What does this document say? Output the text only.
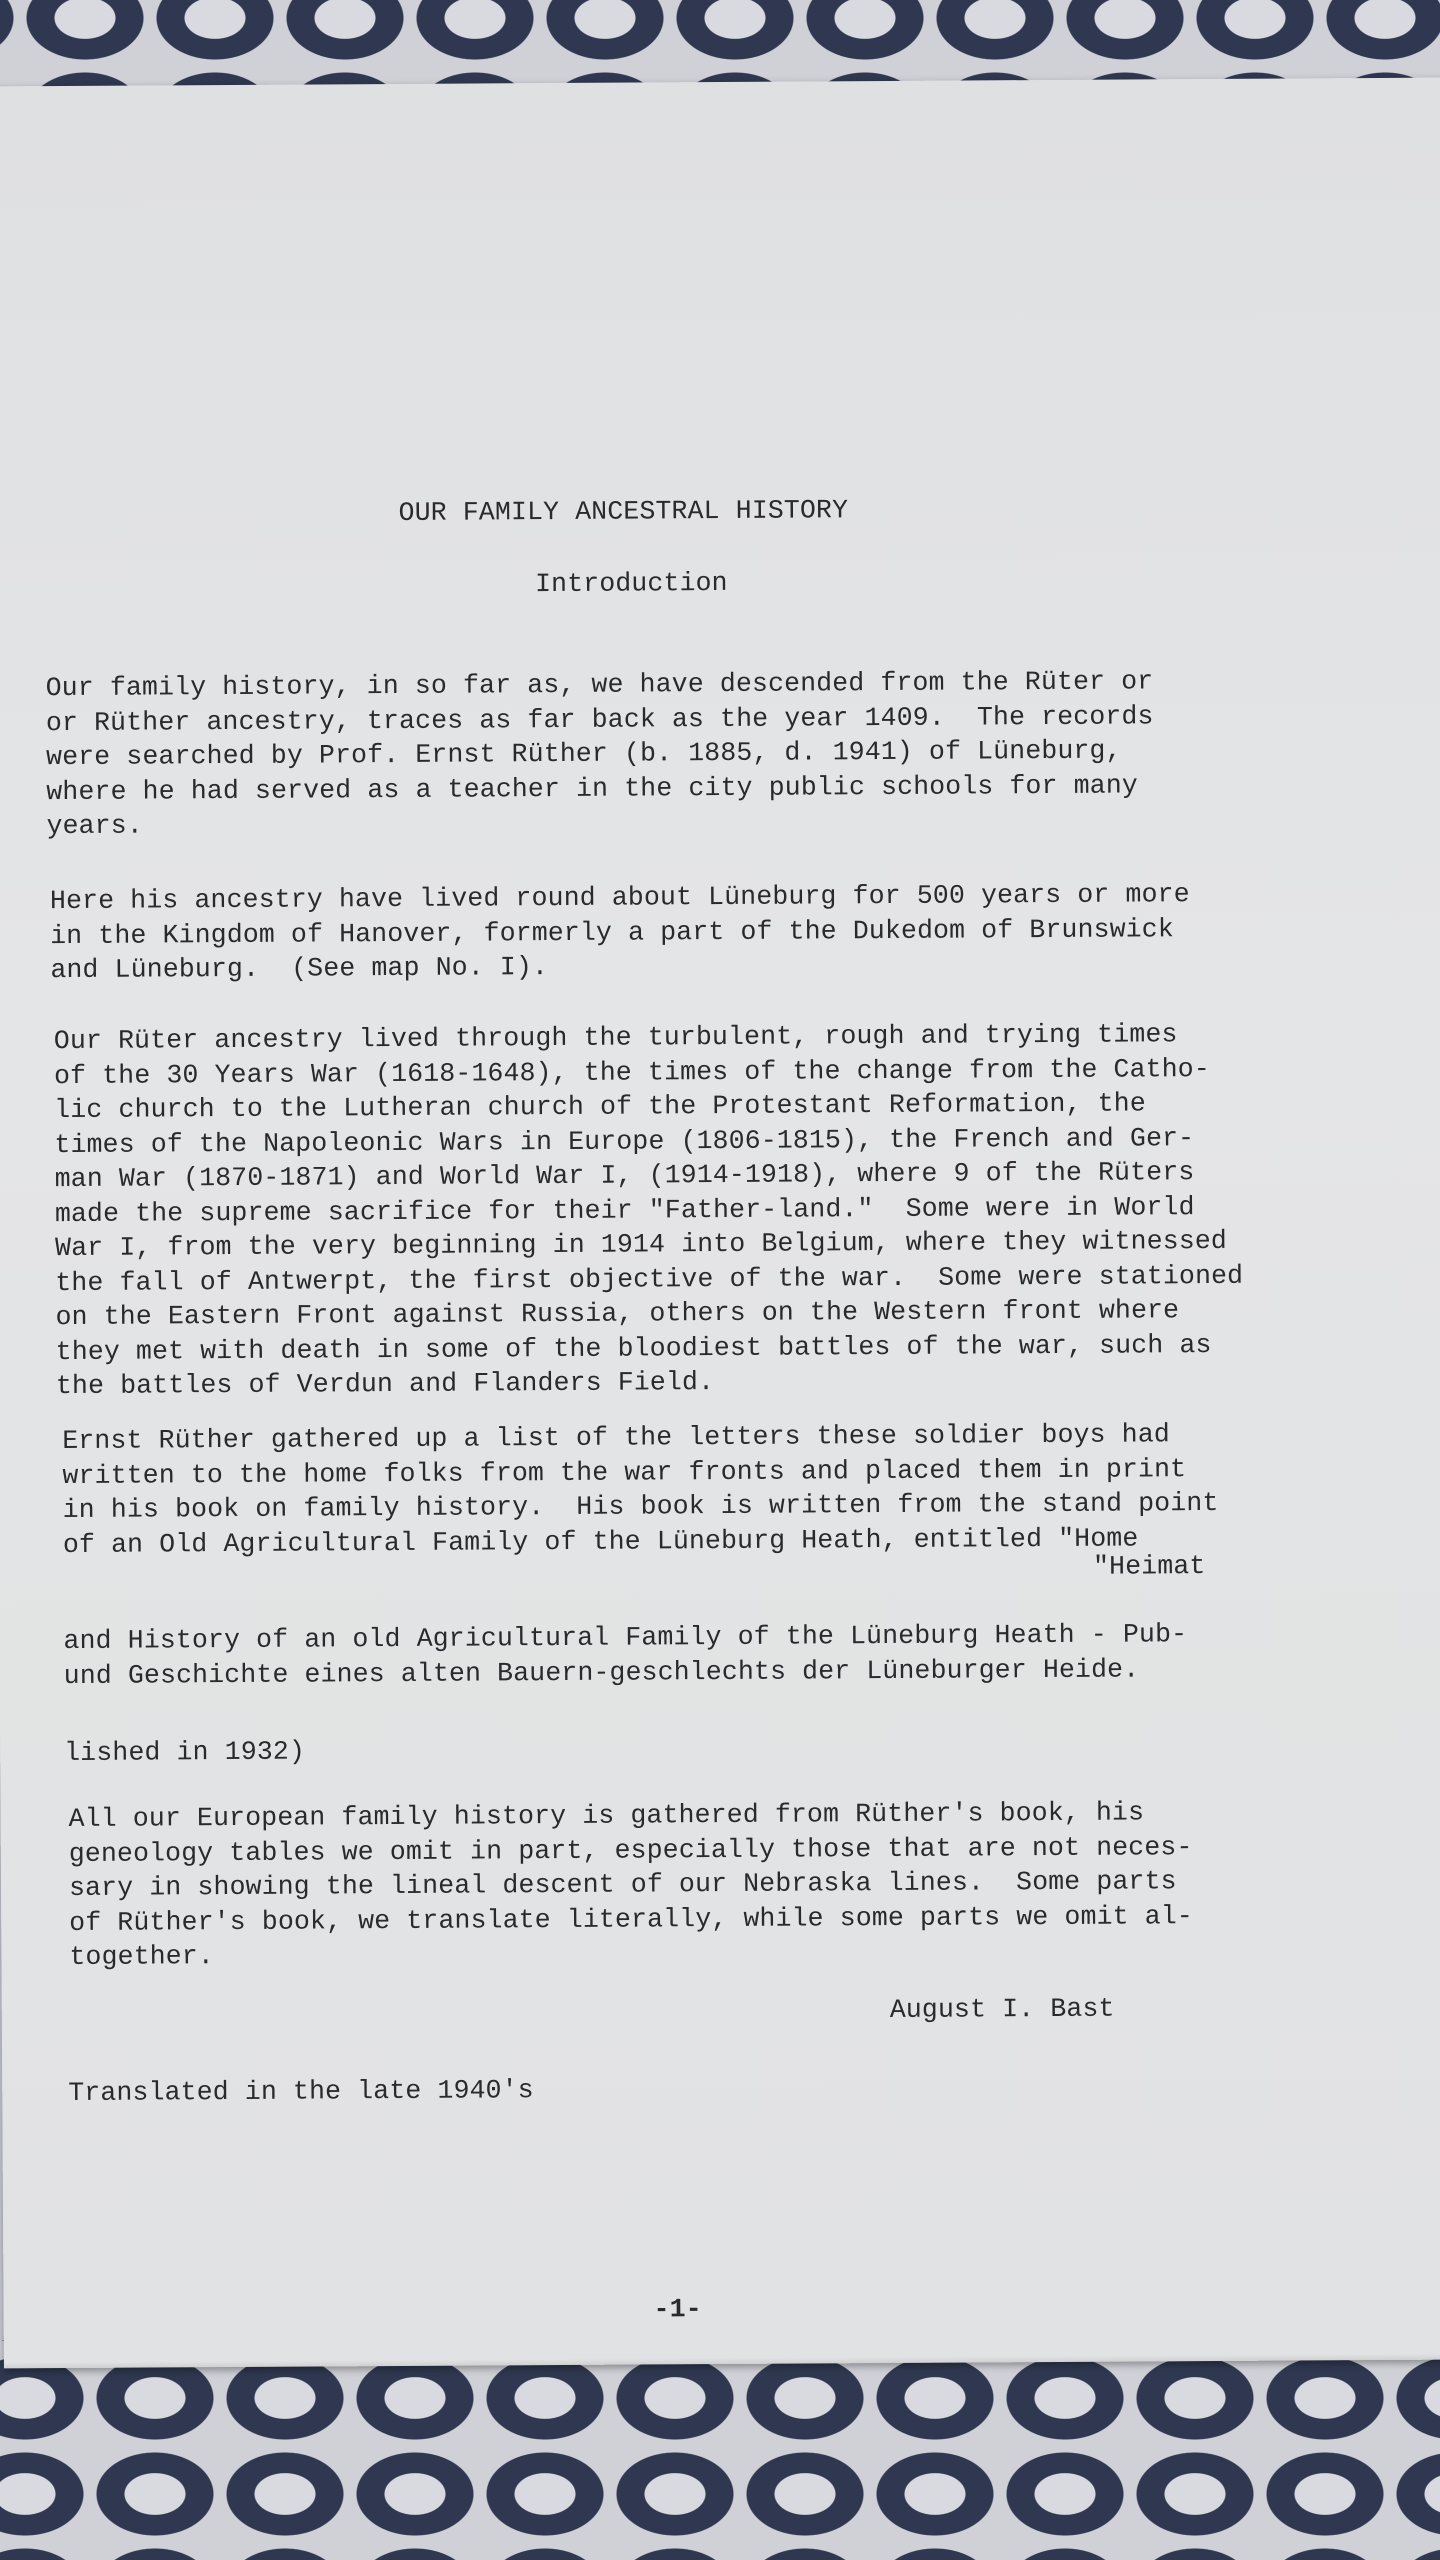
OUR FAMILY ANCESTRAL HISTORY
Introduction
Our family history, in so far as, we have descended from the Rüter or
or Rüther ancestry, traces as far back as the year 1409.  The records
were searched by Prof. Ernst Rüther (b. 1885, d. 1941) of Lüneburg,
where he had served as a teacher in the city public schools for many
years.
Here his ancestry have lived round about Lüneburg for 500 years or more
in the Kingdom of Hanover, formerly a part of the Dukedom of Brunswick
and Lüneburg.  (See map No. I).
Our Rüter ancestry lived through the turbulent, rough and trying times
of the 30 Years War (1618-1648), the times of the change from the Catho-
lic church to the Lutheran church of the Protestant Reformation, the
times of the Napoleonic Wars in Europe (1806-1815), the French and Ger-
man War (1870-1871) and World War I, (1914-1918), where 9 of the Rüters
made the supreme sacrifice for their "Father-land."  Some were in World
War I, from the very beginning in 1914 into Belgium, where they witnessed
the fall of Antwerpt, the first objective of the war.  Some were stationed
on the Eastern Front against Russia, others on the Western front where
they met with death in some of the bloodiest battles of the war, such as
the battles of Verdun and Flanders Field.
Ernst Rüther gathered up a list of the letters these soldier boys had
written to the home folks from the war fronts and placed them in print
in his book on family history.  His book is written from the stand point
of an Old Agricultural Family of the Lüneburg Heath, entitled "Home
"Heimat
and History of an old Agricultural Family of the Lüneburg Heath - Pub-
und Geschichte eines alten Bauern-geschlechts der Lüneburger Heide.
lished in 1932)
All our European family history is gathered from Rüther's book, his
geneology tables we omit in part, especially those that are not neces-
sary in showing the lineal descent of our Nebraska lines.  Some parts
of Rüther's book, we translate literally, while some parts we omit al-
together.
August I. Bast
Translated in the late 1940's
-1-
